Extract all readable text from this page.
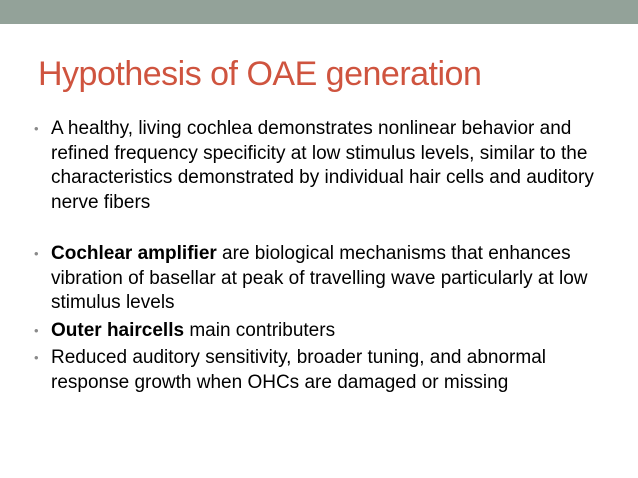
Hypothesis of OAE generation
• A healthy, living cochlea demonstrates nonlinear behavior and refined frequency specificity at low stimulus levels, similar to the characteristics demonstrated by individual hair cells and auditory nerve fibers
• Cochlear amplifier are biological mechanisms that enhances vibration of basellar at peak of travelling wave particularly at low stimulus levels
• Outer haircells main contributers
• Reduced auditory sensitivity, broader tuning, and abnormal response growth when OHCs are damaged or missing
